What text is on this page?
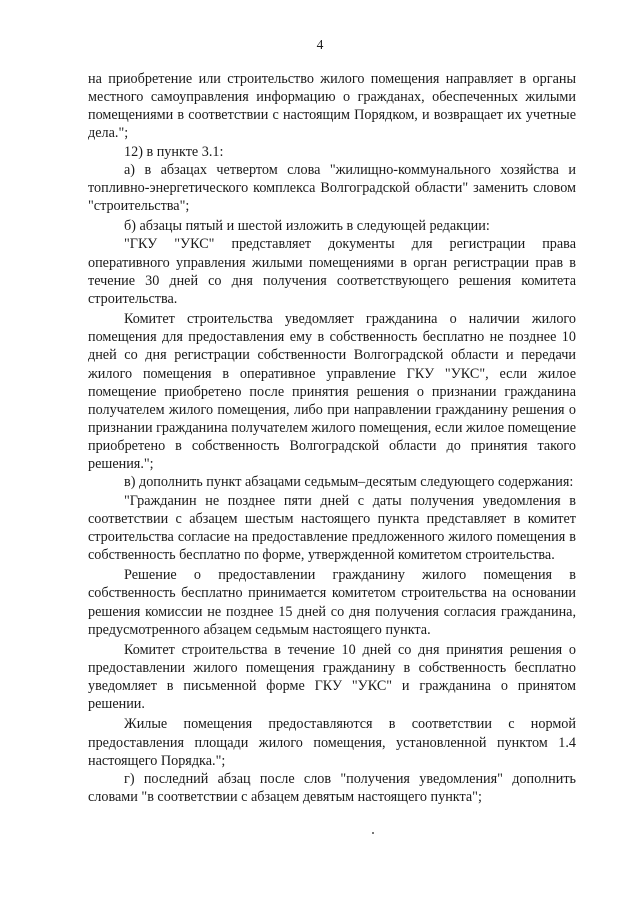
4

на приобретение или строительство жилого помещения направляет в органы местного самоуправления информацию о гражданах, обеспеченных жилыми помещениями в соответствии с настоящим Порядком, и возвращает их учетные дела.";

12) в пункте 3.1:

а) в абзацах четвертом слова "жилищно-коммунального хозяйства и топливно-энергетического комплекса Волгоградской области" заменить словом "строительства";

б) абзацы пятый и шестой изложить в следующей редакции:

"ГКУ "УКС" представляет документы для регистрации права оперативного управления жилыми помещениями в орган регистрации прав в течение 30 дней со дня получения соответствующего решения комитета строительства.

Комитет строительства уведомляет гражданина о наличии жилого помещения для предоставления ему в собственность бесплатно не позднее 10 дней со дня регистрации собственности Волгоградской области и передачи жилого помещения в оперативное управление ГКУ "УКС", если жилое помещение приобретено после принятия решения о признании гражданина получателем жилого помещения, либо при направлении гражданину решения о признании гражданина получателем жилого помещения, если жилое помещение приобретено в собственность Волгоградской области до принятия такого решения.";

в) дополнить пункт абзацами седьмым–десятым следующего содержания:

"Гражданин не позднее пяти дней с даты получения уведомления в соответствии с абзацем шестым настоящего пункта представляет в комитет строительства согласие на предоставление предложенного жилого помещения в собственность бесплатно по форме, утвержденной комитетом строительства.

Решение о предоставлении гражданину жилого помещения в собственность бесплатно принимается комитетом строительства на основании решения комиссии не позднее 15 дней со дня получения согласия гражданина, предусмотренного абзацем седьмым настоящего пункта.

Комитет строительства в течение 10 дней со дня принятия решения о предоставлении жилого помещения гражданину в собственность бесплатно уведомляет в письменной форме ГКУ "УКС" и гражданина о принятом решении.

Жилые помещения предоставляются в соответствии с нормой предоставления площади жилого помещения, установленной пунктом 1.4 настоящего Порядка.";

г) последний абзац после слов "получения уведомления" дополнить словами "в соответствии с абзацем девятым настоящего пункта";
